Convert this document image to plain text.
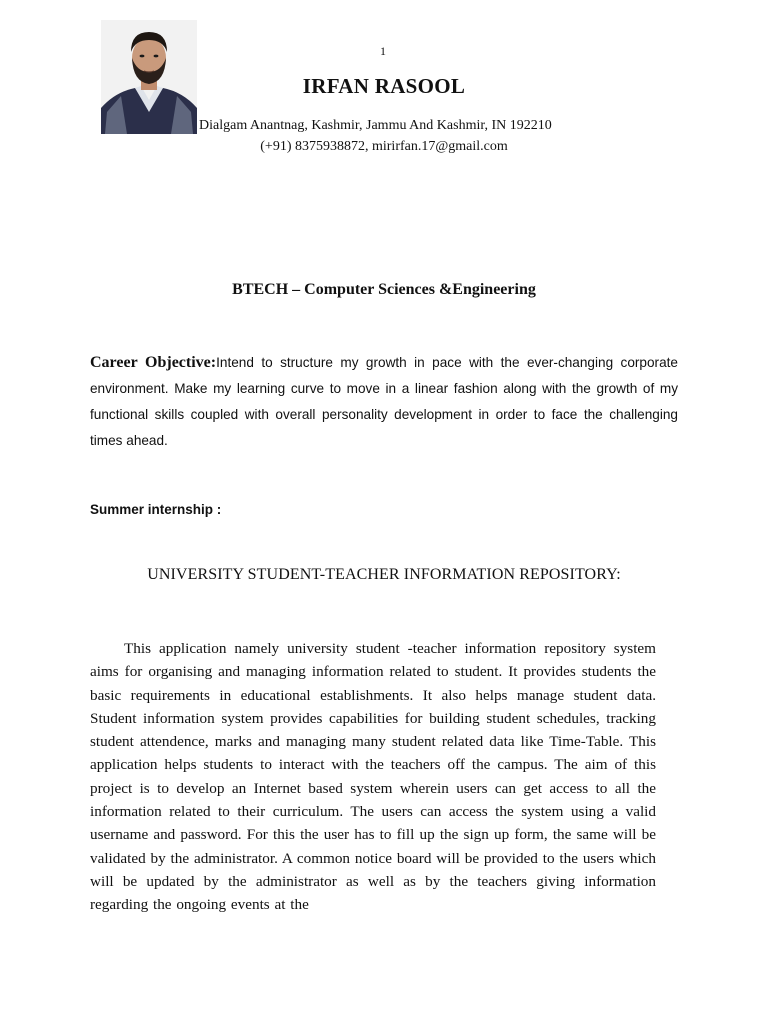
1
IRFAN RASOOL
Dialgam Anantnag, Kashmir, Jammu And Kashmir, IN 192210
(+91) 8375938872, mirirfan.17@gmail.com
BTECH – Computer Sciences &Engineering
Career Objective:Intend to structure my growth in pace with the ever-changing corporate environment. Make my learning curve to move in a linear fashion along with the growth of my functional skills coupled with overall personality development in order to face the challenging times ahead.
Summer internship :
UNIVERSITY STUDENT-TEACHER INFORMATION REPOSITORY:
This application namely university student -teacher information repository system aims for organising and managing information related to student. It provides students the basic requirements in educational establishments. It also helps manage student data. Student information system provides capabilities for building student schedules, tracking student attendence, marks and managing many student related data like Time-Table. This application helps students to interact with the teachers off the campus. The aim of this project is to develop an Internet based system wherein users can get access to all the information related to their curriculum. The users can access the system using a valid username and password. For this the user has to fill up the sign up form, the same will be validated by the administrator. A common notice board will be provided to the users which will be updated by the administrator as well as by the teachers giving information regarding the ongoing events at the
